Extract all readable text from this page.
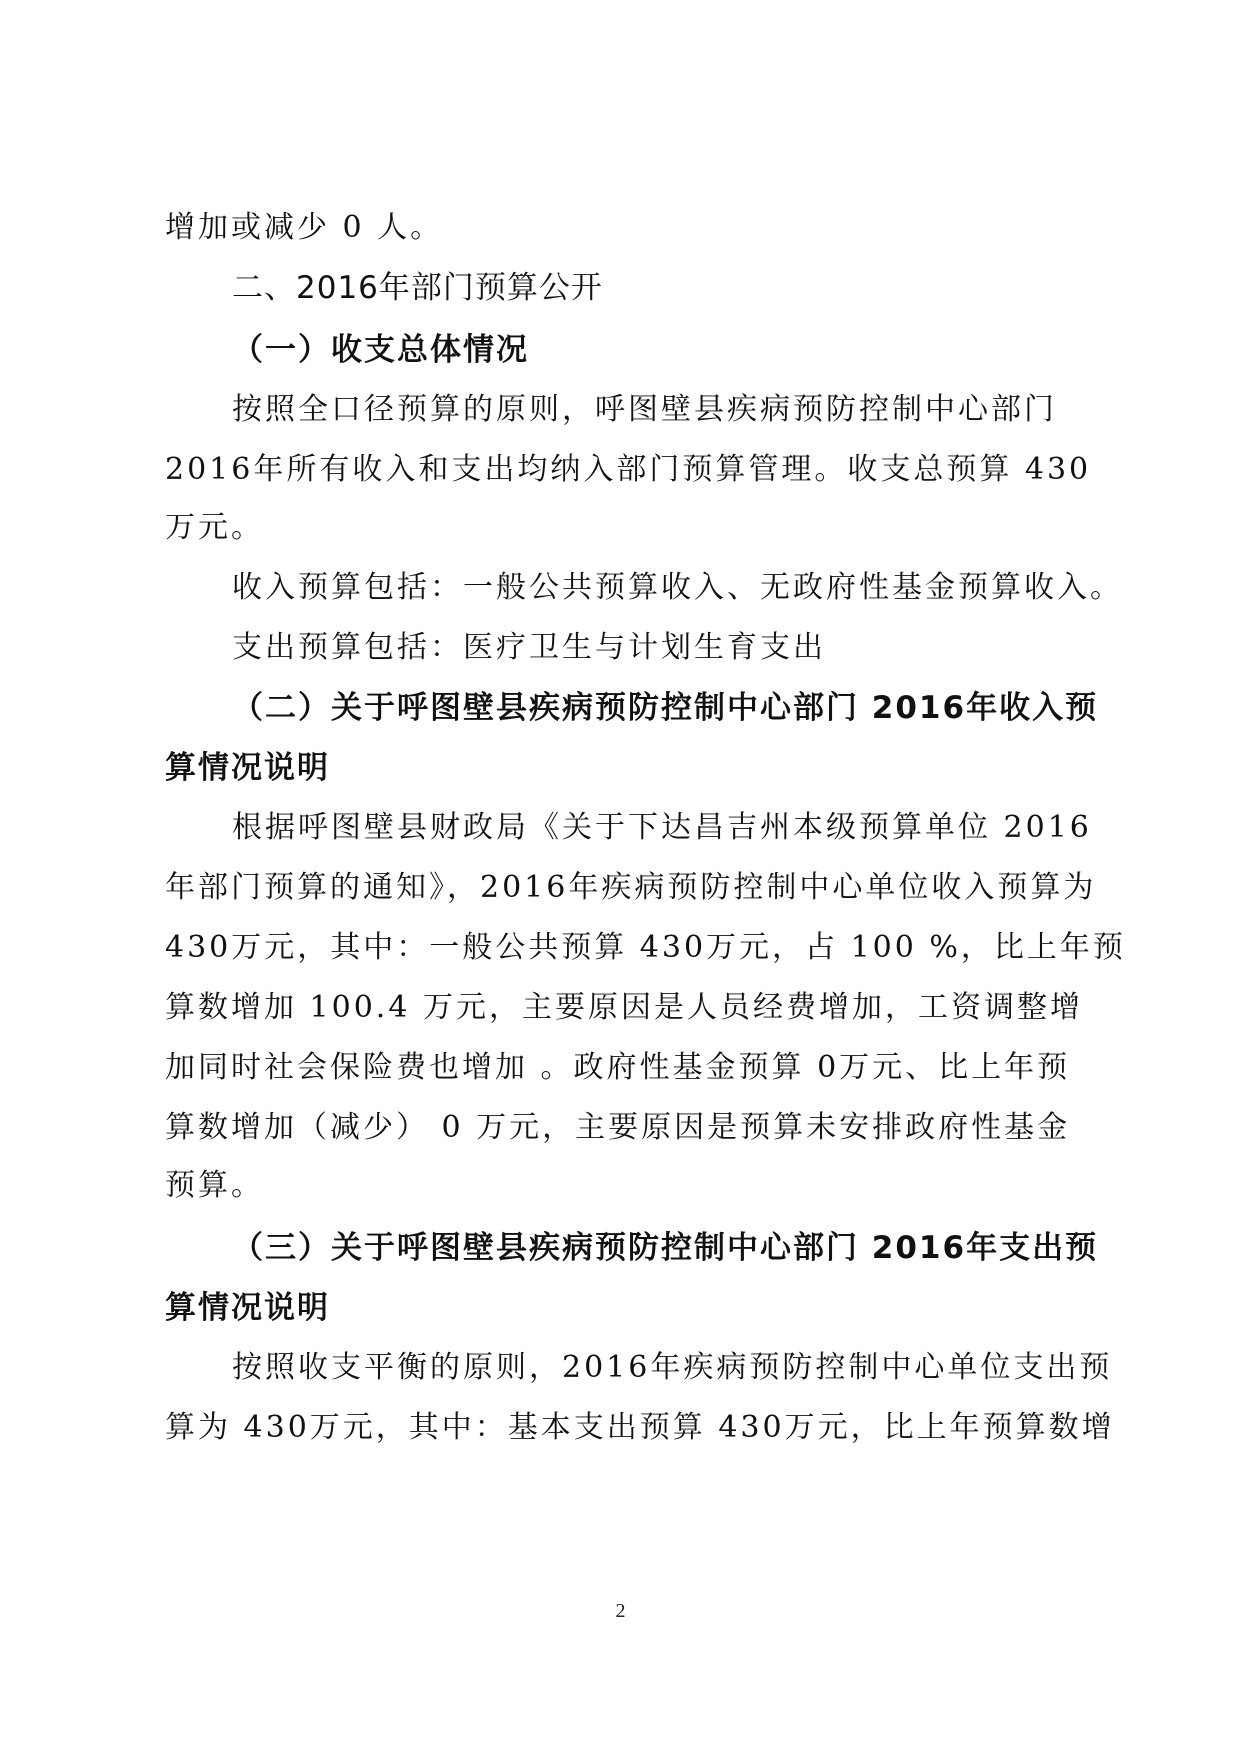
增加或减少 0 人。
二、2016年部门预算公开
（一）收支总体情况
按照全口径预算的原则，呼图壁县疾病预防控制中心部门
2016年所有收入和支出均纳入部门预算管理。收支总预算 430
万元。
收入预算包括：一般公共预算收入、无政府性基金预算收入。
支出预算包括：医疗卫生与计划生育支出
（二）关于呼图壁县疾病预防控制中心部门 2016年收入预
算情况说明
根据呼图壁县财政局《关于下达昌吉州本级预算单位 2016
年部门预算的通知》，2016年疾病预防控制中心单位收入预算为
430万元，其中：一般公共预算 430万元，占 100 %，比上年预
算数增加 100.4 万元，主要原因是人员经费增加，工资调整增
加同时社会保险费也增加 。政府性基金预算 0万元、比上年预
算数增加（减少） 0 万元，主要原因是预算未安排政府性基金
预算。
（三）关于呼图壁县疾病预防控制中心部门 2016年支出预
算情况说明
按照收支平衡的原则，2016年疾病预防控制中心单位支出预
算为 430万元，其中：基本支出预算 430万元，比上年预算数增
2
